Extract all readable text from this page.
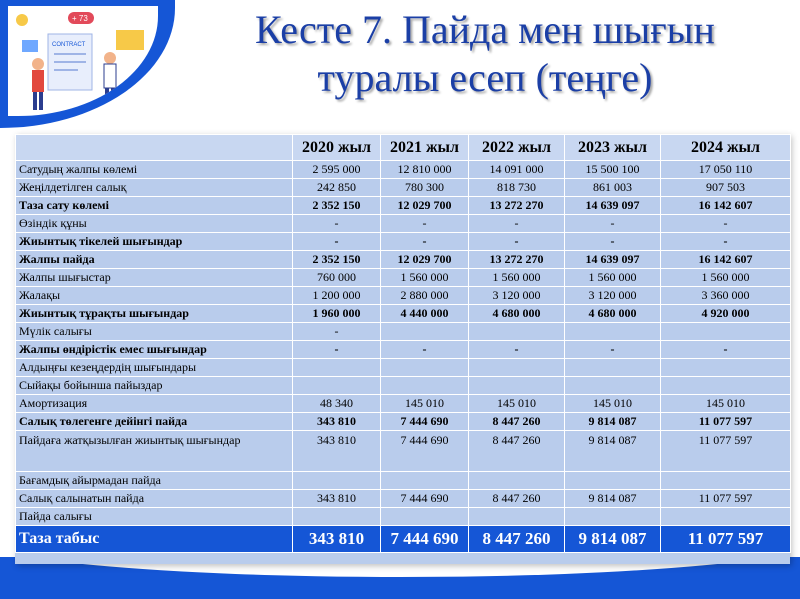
CONTRACT
+ 73	Кесте 7. Пайда мен шығын
туралы есеп (теңге)
	2020 жыл	2021 жыл	2022 жыл	2023 жыл	2024 жыл
Сатудың жалпы көлемі	2 595 000	12 810 000	14 091 000	15 500 100	17 050 110
Жеңілдетілген салық	242 850	780 300	818 730	861 003	907 503
Таза сату көлемі	2 352 150	12 029 700	13 272 270	14 639 097	16 142 607
Өзіндік құны	-	-	-	-	-
Жиынтық тікелей шығындар	-	-	-	-	-
Жалпы пайда	2 352 150	12 029 700	13 272 270	14 639 097	16 142 607
Жалпы шығыстар	760 000	1 560 000	1 560 000	1 560 000	1 560 000
Жалақы	1 200 000	2 880 000	3 120 000	3 120 000	3 360 000
Жиынтық тұрақты шығындар	1 960 000	4 440 000	4 680 000	4 680 000	4 920 000
Мүлік салығы	-				
Жалпы өндірістік емес шығындар	-	-	-	-	-
Алдыңғы кезеңдердің шығындары					
Сыйақы бойынша пайыздар					
Амортизация	48 340	145 010	145 010	145 010	145 010
Салық төлегенге дейінгі пайда	343 810	7 444 690	8 447 260	9 814 087	11 077 597
Пайдаға жатқызылған жиынтық шығындар	343 810	7 444 690	8 447 260	9 814 087	11 077 597
Бағамдық айырмадан пайда					
Салық салынатын пайда	343 810	7 444 690	8 447 260	9 814 087	11 077 597
Пайда салығы					
Таза табыс	343 810	7 444 690	8 447 260	9 814 087	11 077 597
